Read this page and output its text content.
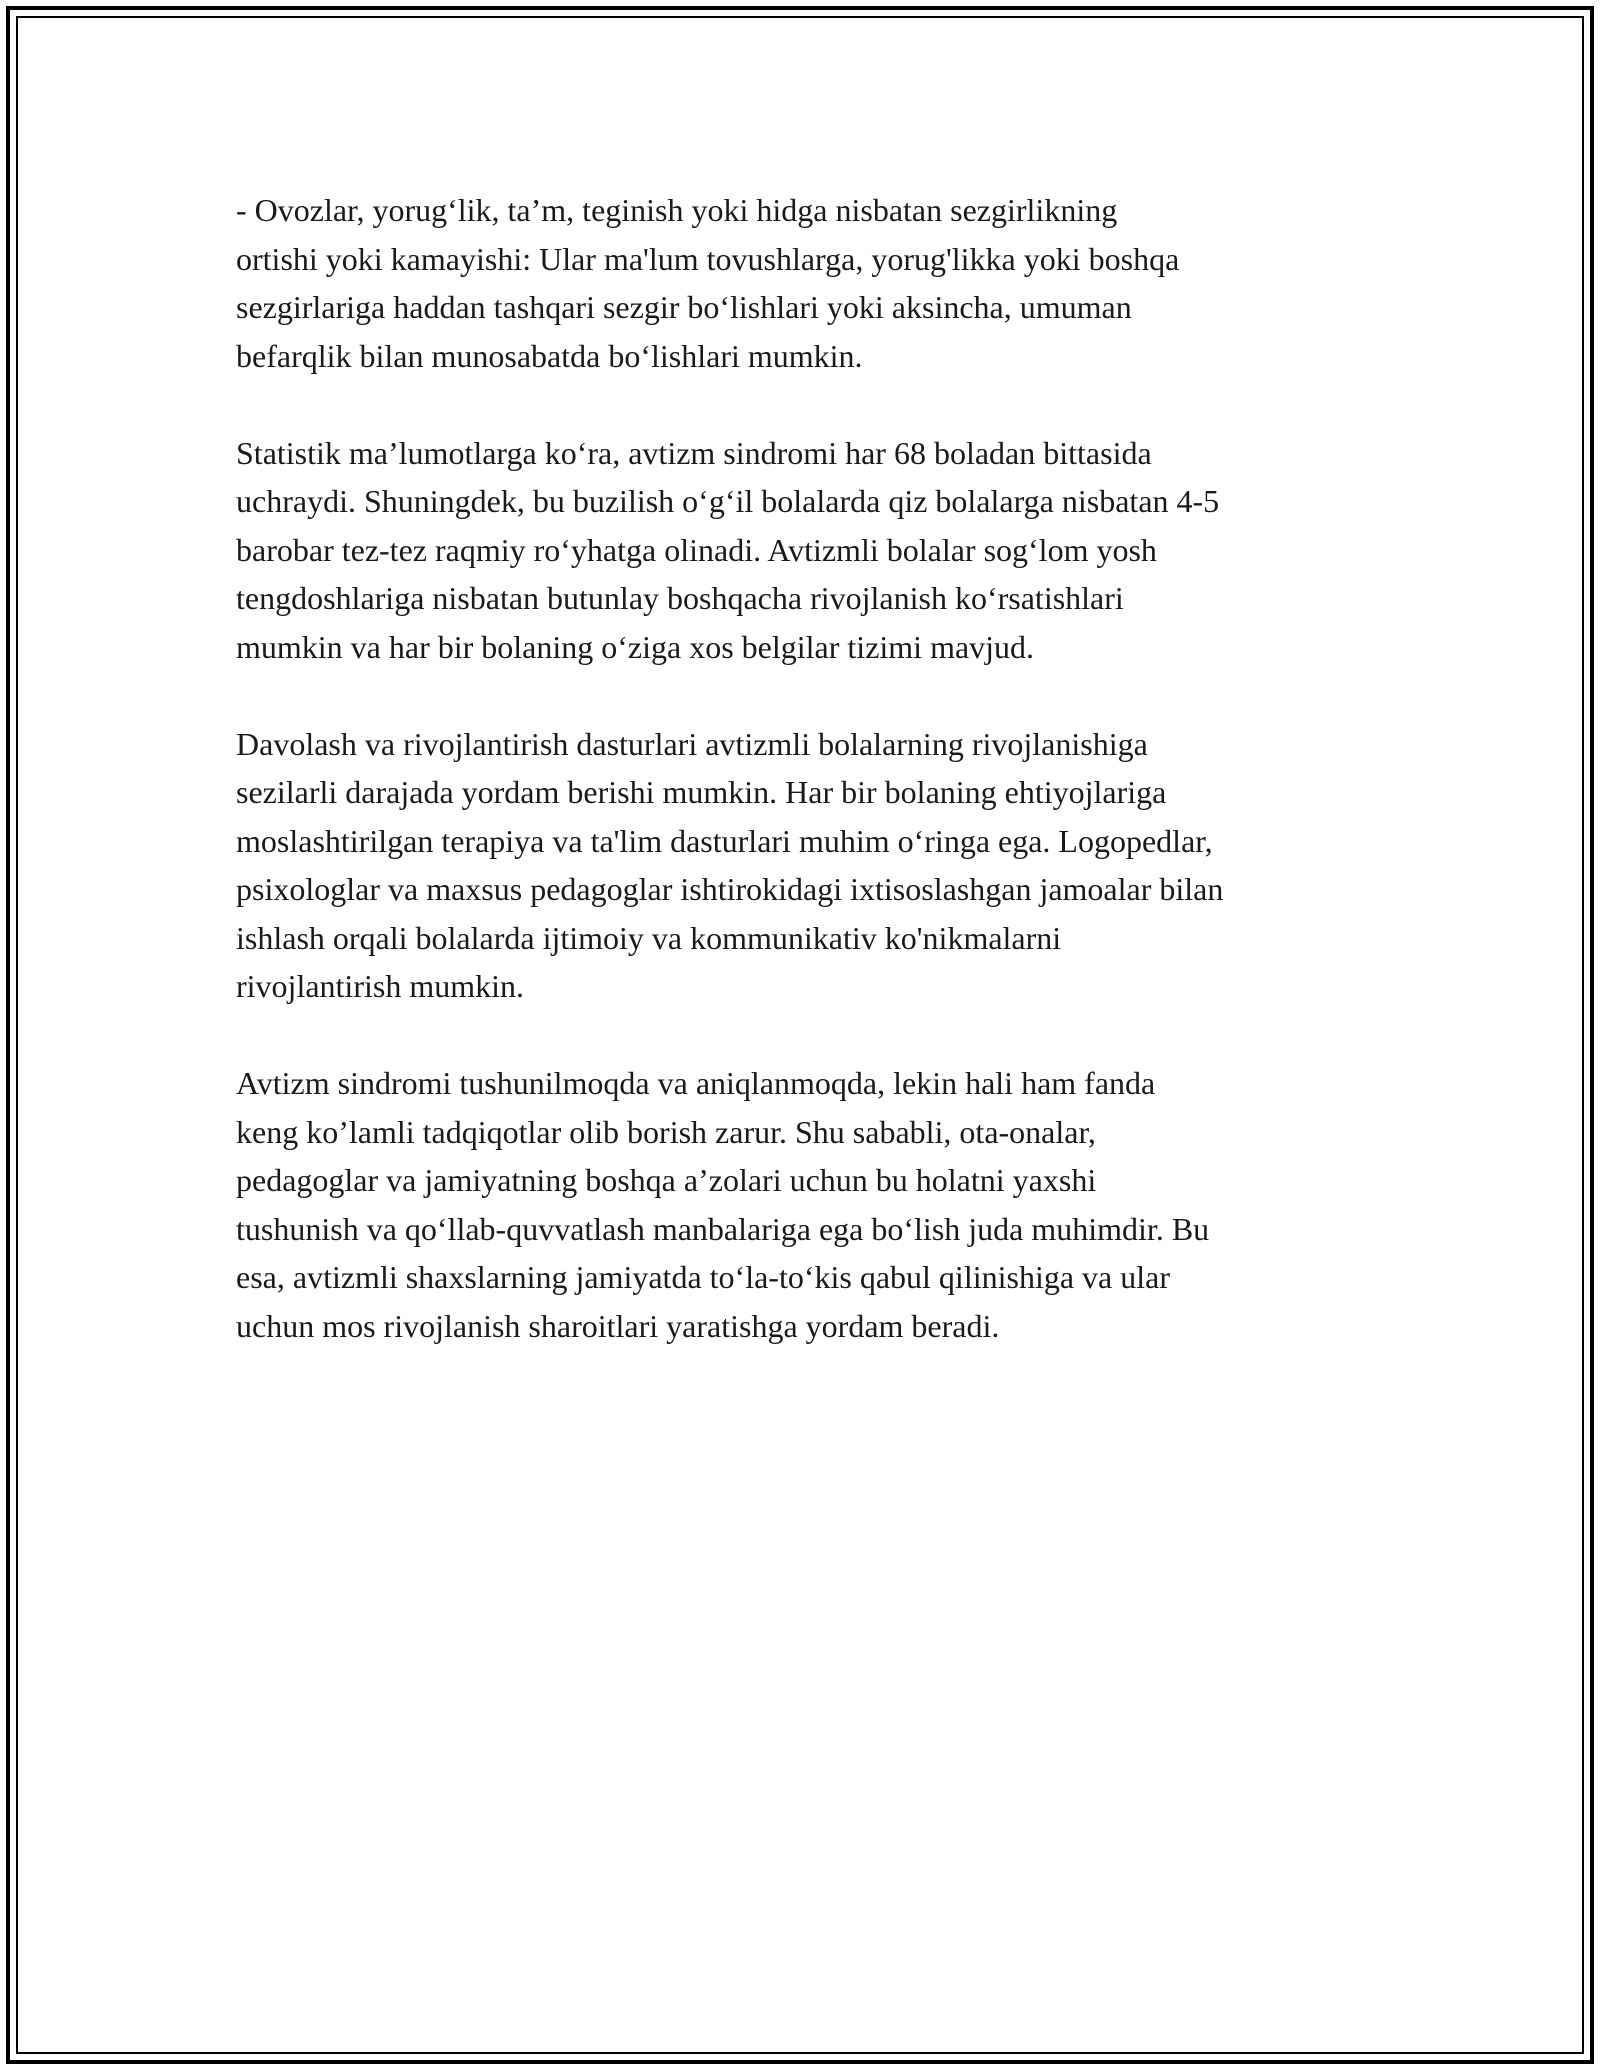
- Ovozlar, yorug‘lik, ta’m, teginish yoki hidga nisbatan sezgirlikning
ortishi yoki kamayishi: Ular ma'lum tovushlarga, yorug'likka yoki boshqa
sezgirlariga haddan tashqari sezgir bo‘lishlari yoki aksincha, umuman
befarqlik bilan munosabatda bo‘lishlari mumkin.

Statistik ma’lumotlarga ko‘ra, avtizm sindromi har 68 boladan bittasida
uchraydi. Shuningdek, bu buzilish o‘g‘il bolalarda qiz bolalarga nisbatan 4-5
barobar tez-tez raqmiy ro‘yhatga olinadi. Avtizmli bolalar sog‘lom yosh
tengdoshlariga nisbatan butunlay boshqacha rivojlanish ko‘rsatishlari
mumkin va har bir bolaning o‘ziga xos belgilar tizimi mavjud.

Davolash va rivojlantirish dasturlari avtizmli bolalarning rivojlanishiga
sezilarli darajada yordam berishi mumkin. Har bir bolaning ehtiyojlariga
moslashtirilgan terapiya va ta'lim dasturlari muhim o‘ringa ega. Logopedlar,
psixologlar va maxsus pedagoglar ishtirokidagi ixtisoslashgan jamoalar bilan
ishlash orqali bolalarda ijtimoiy va kommunikativ ko'nikmalarni
rivojlantirish mumkin.

Avtizm sindromi tushunilmoqda va aniqlanmoqda, lekin hali ham fanda
keng ko’lamli tadqiqotlar olib borish zarur. Shu sababli, ota-onalar,
pedagoglar va jamiyatning boshqa a’zolari uchun bu holatni yaxshi
tushunish va qo‘llab-quvvatlash manbalariga ega bo‘lish juda muhimdir. Bu
esa, avtizmli shaxslarning jamiyatda to‘la-to‘kis qabul qilinishiga va ular
uchun mos rivojlanish sharoitlari yaratishga yordam beradi.
